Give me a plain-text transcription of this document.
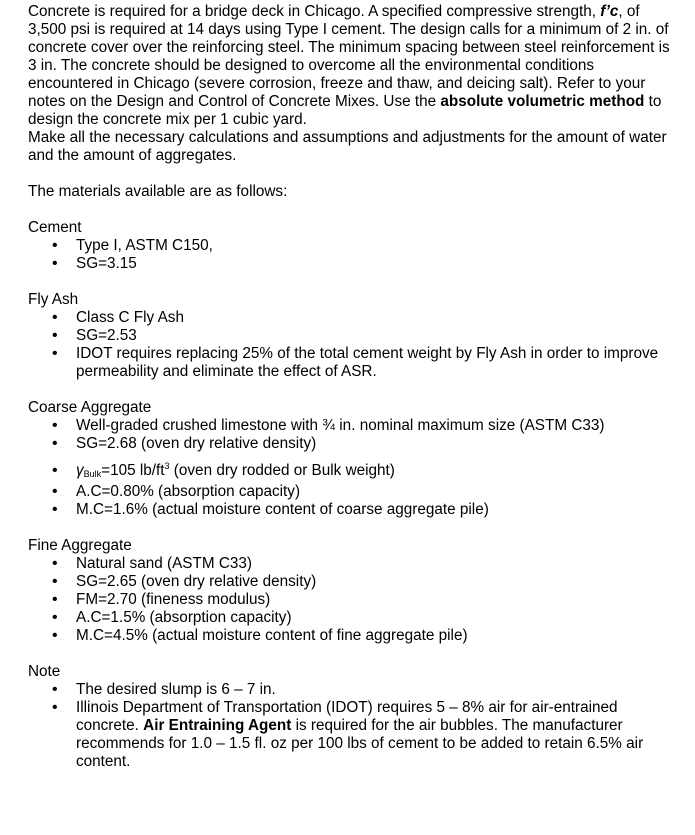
Concrete is required for a bridge deck in Chicago. A specified compressive strength, f’c, of 3,500 psi is required at 14 days using Type I cement. The design calls for a minimum of 2 in. of concrete cover over the reinforcing steel. The minimum spacing between steel reinforcement is 3 in. The concrete should be designed to overcome all the environmental conditions encountered in Chicago (severe corrosion, freeze and thaw, and deicing salt). Refer to your notes on the Design and Control of Concrete Mixes. Use the absolute volumetric method to design the concrete mix per 1 cubic yard.

Make all the necessary calculations and assumptions and adjustments for the amount of water and the amount of aggregates.

The materials available are as follows:

Cement

• Type I, ASTM C150,
• SG=3.15

Fly Ash

• Class C Fly Ash
• SG=2.53
• IDOT requires replacing 25% of the total cement weight by Fly Ash in order to improve permeability and eliminate the effect of ASR.

Coarse Aggregate

• Well-graded crushed limestone with ¾ in. nominal maximum size (ASTM C33)
• SG=2.68 (oven dry relative density)
• $\gamma_{Bulk}=105$ $lb/ft^3$ (oven dry rodded or Bulk weight)
• A.C=0.80% (absorption capacity)
• M.C=1.6% (actual moisture content of coarse aggregate pile)

Fine Aggregate

• Natural sand (ASTM C33)
• SG=2.65 (oven dry relative density)
• FM=2.70 (fineness modulus)
• A.C=1.5% (absorption capacity)
• M.C=4.5% (actual moisture content of fine aggregate pile)

Note

• The desired slump is 6 – 7 in.
• Illinois Department of Transportation (IDOT) requires 5 – 8% air for air-entrained concrete. Air Entraining Agent is required for the air bubbles. The manufacturer recommends for 1.0 – 1.5 fl. oz per 100 lbs of cement to be added to retain 6.5% air content.
